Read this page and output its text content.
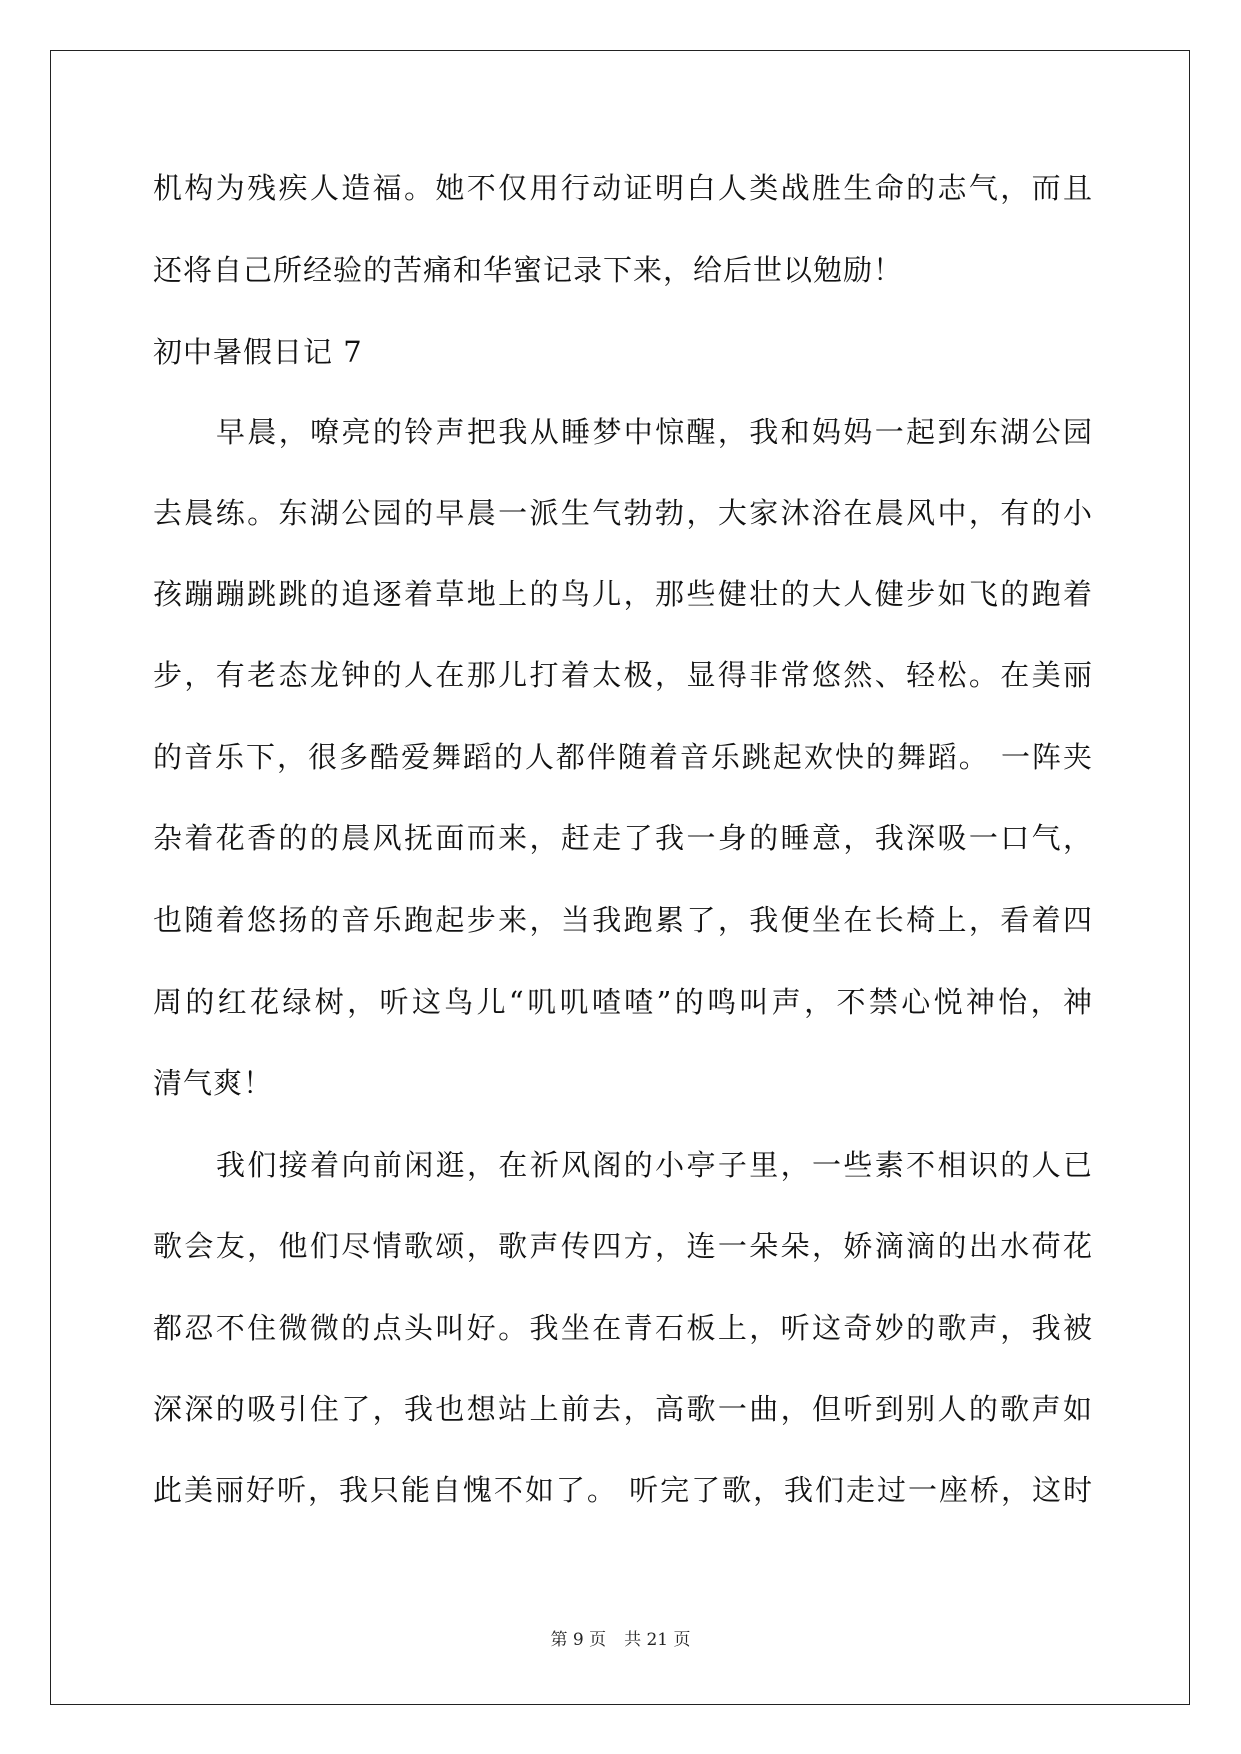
机构为残疾人造福。她不仅用行动证明白人类战胜生命的志气，而且
还将自己所经验的苦痛和华蜜记录下来，给后世以勉励！
初中暑假日记 7
早晨，嘹亮的铃声把我从睡梦中惊醒，我和妈妈一起到东湖公园
去晨练。东湖公园的早晨一派生气勃勃，大家沐浴在晨风中，有的小
孩蹦蹦跳跳的追逐着草地上的鸟儿，那些健壮的大人健步如飞的跑着
步，有老态龙钟的人在那儿打着太极，显得非常悠然、轻松。在美丽
的音乐下，很多酷爱舞蹈的人都伴随着音乐跳起欢快的舞蹈。 一阵夹
杂着花香的的晨风抚面而来，赶走了我一身的睡意，我深吸一口气，
也随着悠扬的音乐跑起步来，当我跑累了，我便坐在长椅上，看着四
周的红花绿树，听这鸟儿“叽叽喳喳”的鸣叫声，不禁心悦神怡，神
清气爽！
我们接着向前闲逛，在祈风阁的小亭子里，一些素不相识的人已
歌会友，他们尽情歌颂，歌声传四方，连一朵朵，娇滴滴的出水荷花
都忍不住微微的点头叫好。我坐在青石板上，听这奇妙的歌声，我被
深深的吸引住了，我也想站上前去，高歌一曲，但听到别人的歌声如
此美丽好听，我只能自愧不如了。 听完了歌，我们走过一座桥，这时
第 9 页 共 21 页
